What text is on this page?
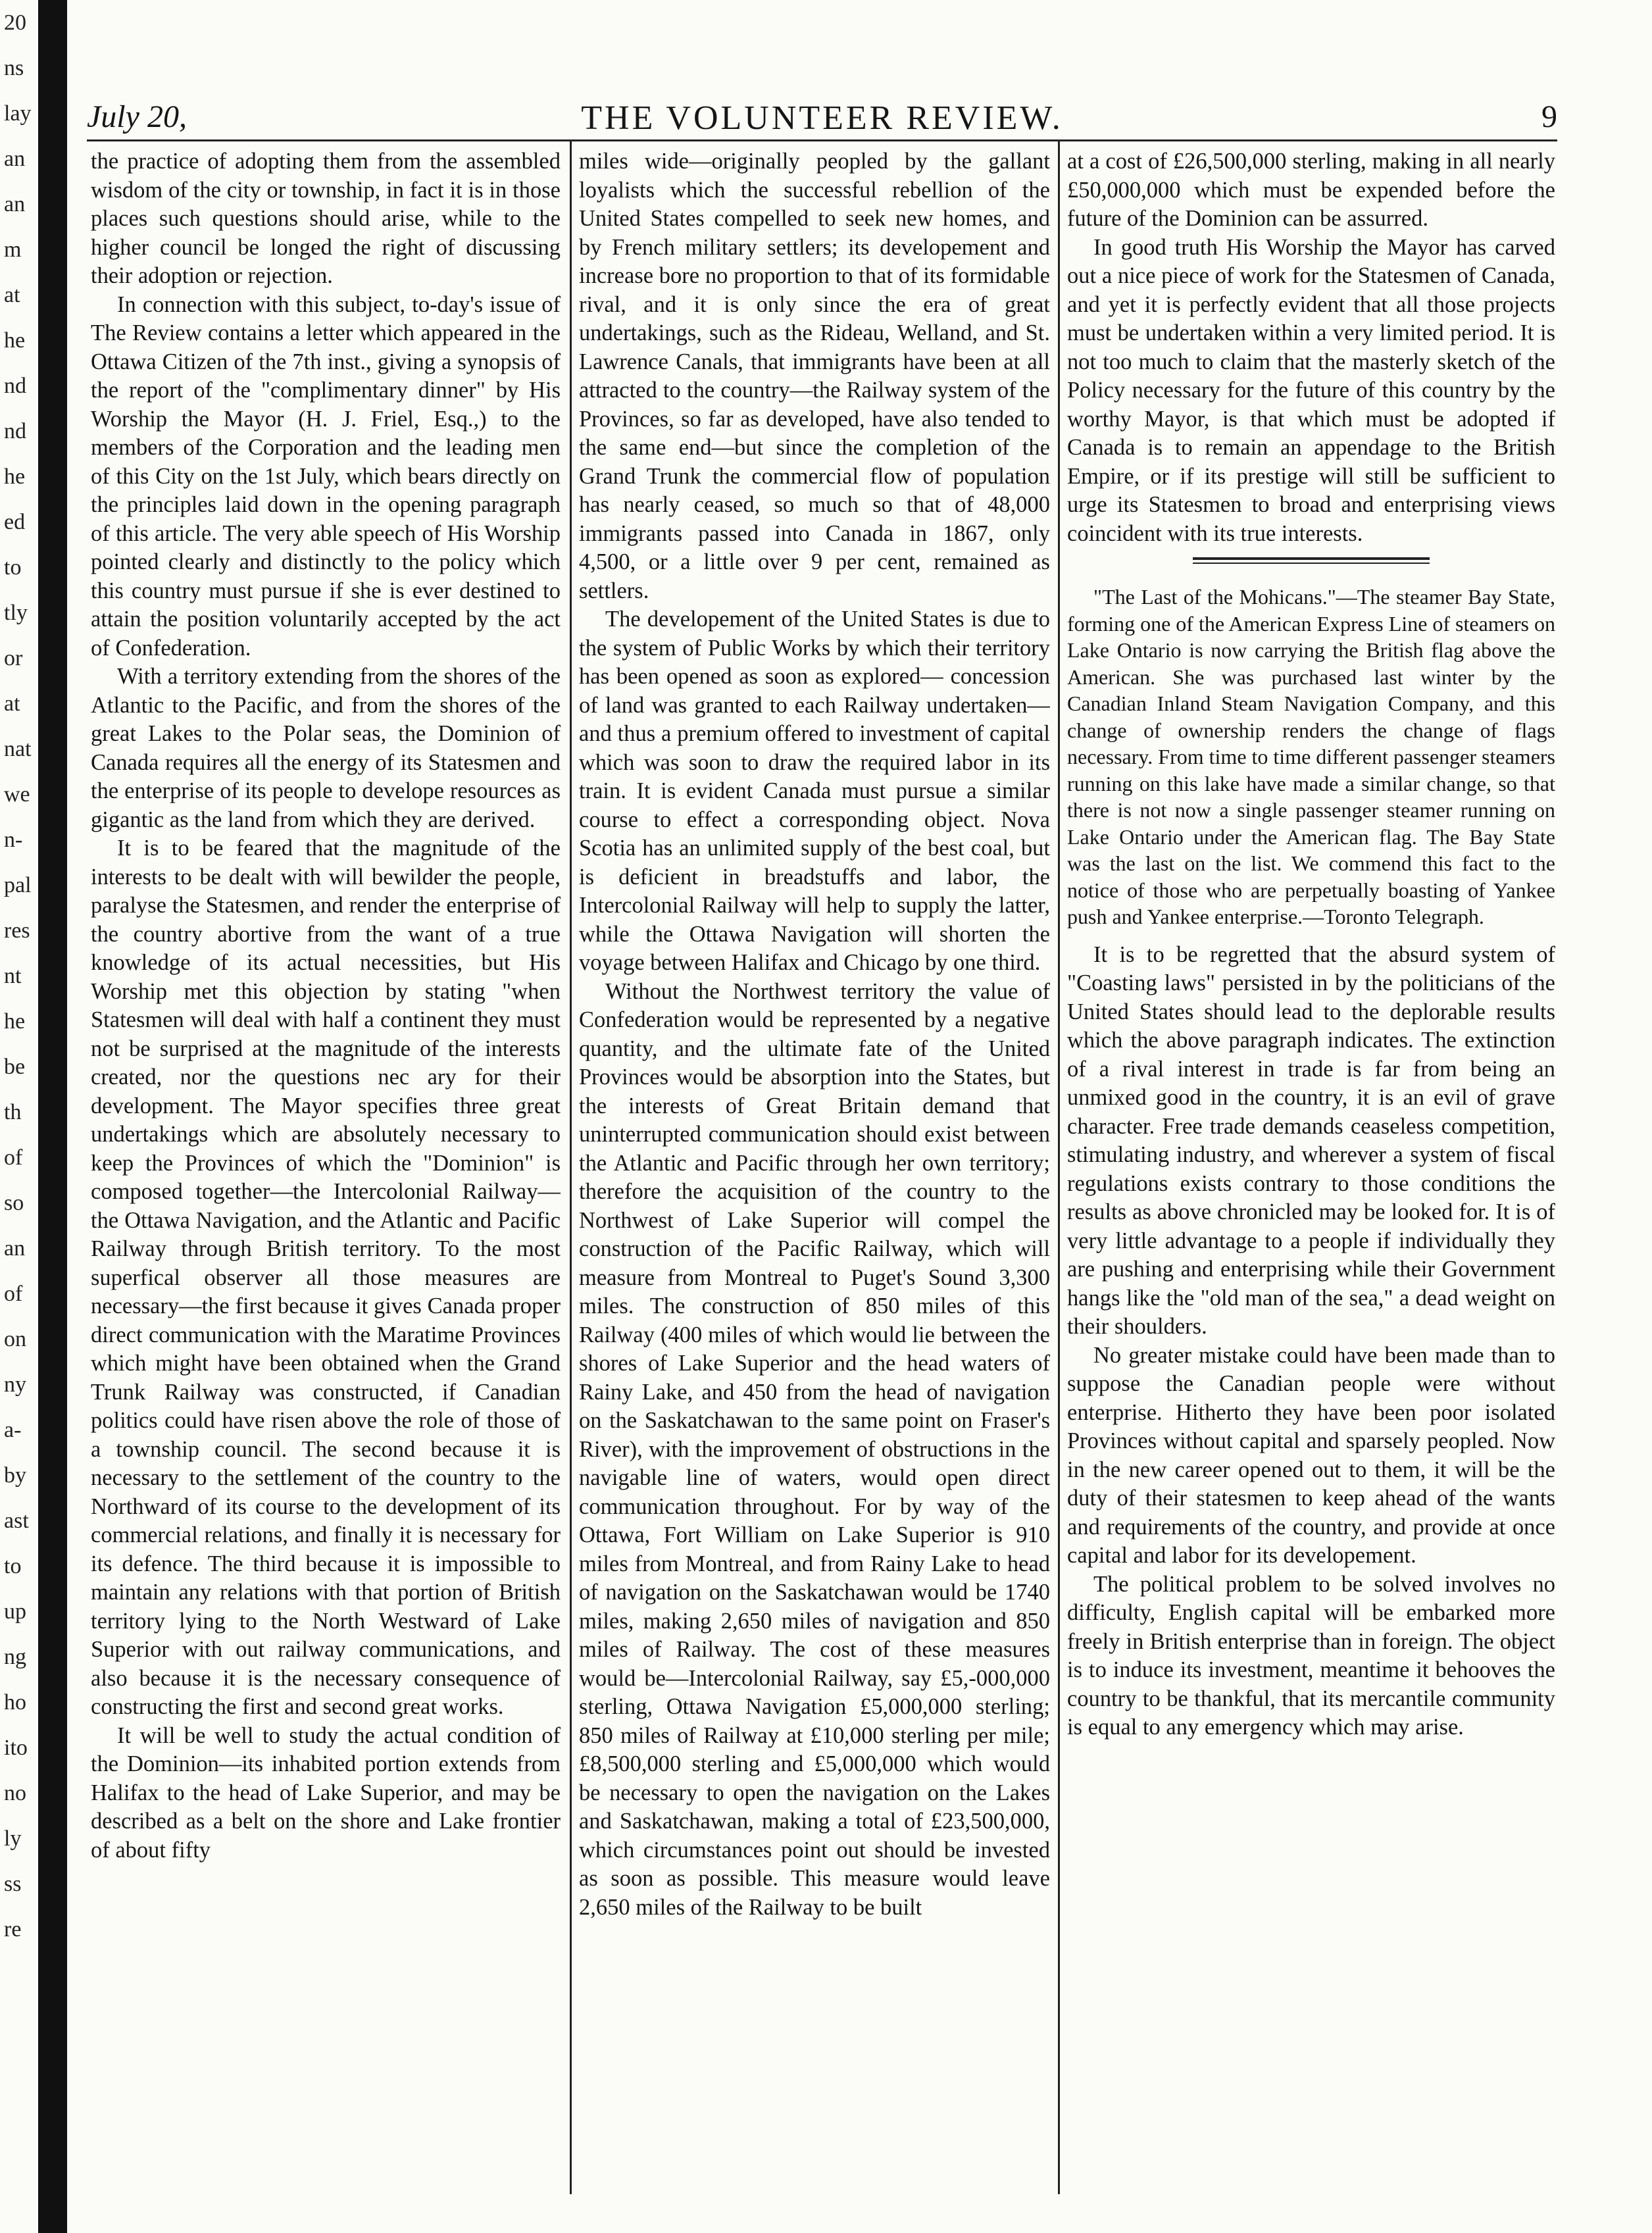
20
ns
lay
an
an
m
at
he
nd
nd
he
ed
to
tly
or
at
nat
we
n-
pal
res
nt
he
be
th
of
so
an
of
on
ny
a-
by
ast
to
up
ng
ho
ito
no
ly
ss
re
July 20,	THE VOLUNTEER REVIEW.	9

the practice of adopting them from the assembled wisdom of the city or township, in fact it is in those places such questions should arise, while to the higher council be longed the right of discussing their adoption or rejection.

In connection with this subject, to-day's issue of The Review contains a letter which appeared in the Ottawa Citizen of the 7th inst., giving a synopsis of the report of the "complimentary dinner" by His Worship the Mayor (H. J. Friel, Esq.,) to the members of the Corporation and the leading men of this City on the 1st July, which bears directly on the principles laid down in the opening paragraph of this article. The very able speech of His Worship pointed clearly and distinctly to the policy which this country must pursue if she is ever destined to attain the position voluntarily accepted by the act of Confederation.

With a territory extending from the shores of the Atlantic to the Pacific, and from the shores of the great Lakes to the Polar seas, the Dominion of Canada requires all the energy of its Statesmen and the enterprise of its people to develope resources as gigantic as the land from which they are derived.

It is to be feared that the magnitude of the interests to be dealt with will bewilder the people, paralyse the Statesmen, and render the enterprise of the country abortive from the want of a true knowledge of its actual necessities, but His Worship met this objection by stating "when Statesmen will deal with half a continent they must not be surprised at the magnitude of the interests created, nor the questions nec ary for their development. The Mayor specifies three great undertakings which are absolutely necessary to keep the Provinces of which the "Dominion" is composed together—the Intercolonial Railway—the Ottawa Navigation, and the Atlantic and Pacific Railway through British territory. To the most superfical observer all those measures are necessary—the first because it gives Canada proper direct communication with the Maratime Provinces which might have been obtained when the Grand Trunk Railway was constructed, if Canadian politics could have risen above the role of those of a township council. The second because it is necessary to the settlement of the country to the Northward of its course to the development of its commercial relations, and finally it is necessary for its defence. The third because it is impossible to maintain any relations with that portion of British territory lying to the North Westward of Lake Superior with out railway communications, and also because it is the necessary consequence of constructing the first and second great works.

It will be well to study the actual condition of the Dominion—its inhabited portion extends from Halifax to the head of Lake Superior, and may be described as a belt on the shore and Lake frontier of about fifty

miles wide—originally peopled by the gallant loyalists which the successful rebellion of the United States compelled to seek new homes, and by French military settlers; its developement and increase bore no proportion to that of its formidable rival, and it is only since the era of great undertakings, such as the Rideau, Welland, and St. Lawrence Canals, that immigrants have been at all attracted to the country—the Railway system of the Provinces, so far as developed, have also tended to the same end—but since the completion of the Grand Trunk the commercial flow of population has nearly ceased, so much so that of 48,000 immigrants passed into Canada in 1867, only 4,500, or a little over 9 per cent, remained as settlers.

The developement of the United States is due to the system of Public Works by which their territory has been opened as soon as explored— concession of land was granted to each Railway undertaken—and thus a premium offered to investment of capital which was soon to draw the required labor in its train. It is evident Canada must pursue a similar course to effect a corresponding object. Nova Scotia has an unlimited supply of the best coal, but is deficient in breadstuffs and labor, the Intercolonial Railway will help to supply the latter, while the Ottawa Navigation will shorten the voyage between Halifax and Chicago by one third.

Without the Northwest territory the value of Confederation would be represented by a negative quantity, and the ultimate fate of the United Provinces would be absorption into the States, but the interests of Great Britain demand that uninterrupted communication should exist between the Atlantic and Pacific through her own territory; therefore the acquisition of the country to the Northwest of Lake Superior will compel the construction of the Pacific Railway, which will measure from Montreal to Puget's Sound 3,300 miles. The construction of 850 miles of this Railway (400 miles of which would lie between the shores of Lake Superior and the head waters of Rainy Lake, and 450 from the head of navigation on the Saskatchawan to the same point on Fraser's River), with the improvement of obstructions in the navigable line of waters, would open direct communication throughout. For by way of the Ottawa, Fort William on Lake Superior is 910 miles from Montreal, and from Rainy Lake to head of navigation on the Saskatchawan would be 1740 miles, making 2,650 miles of navigation and 850 miles of Railway. The cost of these measures would be—Intercolonial Railway, say £5,-000,000 sterling, Ottawa Navigation £5,000,000 sterling; 850 miles of Railway at £10,000 sterling per mile; £8,500,000 sterling and £5,000,000 which would be necessary to open the navigation on the Lakes and Saskatchawan, making a total of £23,500,000, which circumstances point out should be invested as soon as possible. This measure would leave 2,650 miles of the Railway to be built

at a cost of £26,500,000 sterling, making in all nearly £50,000,000 which must be expended before the future of the Dominion can be assurred.

In good truth His Worship the Mayor has carved out a nice piece of work for the Statesmen of Canada, and yet it is perfectly evident that all those projects must be undertaken within a very limited period. It is not too much to claim that the masterly sketch of the Policy necessary for the future of this country by the worthy Mayor, is that which must be adopted if Canada is to remain an appendage to the British Empire, or if its prestige will still be sufficient to urge its Statesmen to broad and enterprising views coincident with its true interests.

"The Last of the Mohicans."—The steamer Bay State, forming one of the American Express Line of steamers on Lake Ontario is now carrying the British flag above the American. She was purchased last winter by the Canadian Inland Steam Navigation Company, and this change of ownership renders the change of flags necessary. From time to time different passenger steamers running on this lake have made a similar change, so that there is not now a single passenger steamer running on Lake Ontario under the American flag. The Bay State was the last on the list. We commend this fact to the notice of those who are perpetually boasting of Yankee push and Yankee enterprise.—Toronto Telegraph.

It is to be regretted that the absurd system of "Coasting laws" persisted in by the politicians of the United States should lead to the deplorable results which the above paragraph indicates. The extinction of a rival interest in trade is far from being an unmixed good in the country, it is an evil of grave character. Free trade demands ceaseless competition, stimulating industry, and wherever a system of fiscal regulations exists contrary to those conditions the results as above chronicled may be looked for. It is of very little advantage to a people if individually they are pushing and enterprising while their Government hangs like the "old man of the sea," a dead weight on their shoulders.

No greater mistake could have been made than to suppose the Canadian people were without enterprise. Hitherto they have been poor isolated Provinces without capital and sparsely peopled. Now in the new career opened out to them, it will be the duty of their statesmen to keep ahead of the wants and requirements of the country, and provide at once capital and labor for its developement.

The political problem to be solved involves no difficulty, English capital will be embarked more freely in British enterprise than in foreign. The object is to induce its investment, meantime it behooves the country to be thankful, that its mercantile community is equal to any emergency which may arise.
